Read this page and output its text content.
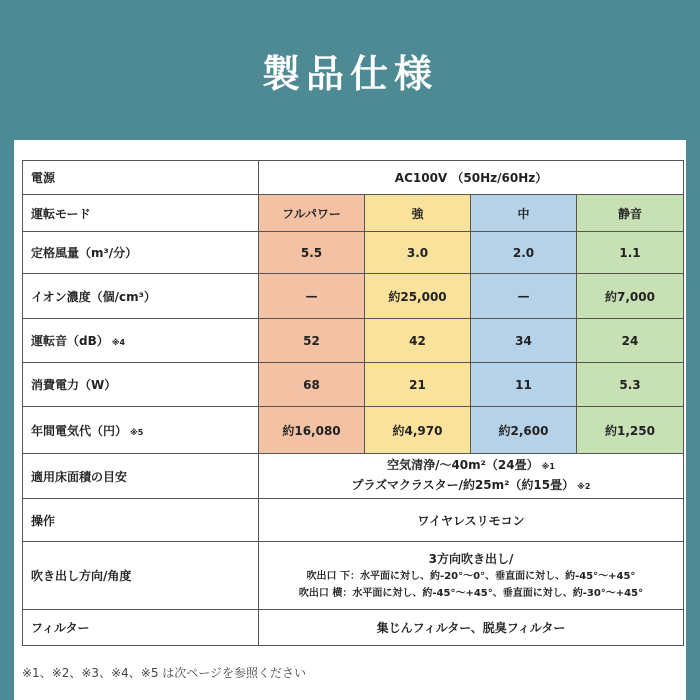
製品仕様
電源	AC100V （50Hz/60Hz）			
運転モード	フルパワー	強	中	静音
定格風量（m³/分）	5.5	3.0	2.0	1.1
イオン濃度（個/cm³）	—	約25,000	—	約7,000
運転音（dB） ※4	52	42	34	24
消費電力（W）	68	21	11	5.3
年間電気代（円） ※5	約16,080	約4,970	約2,600	約1,250
適用床面積の目安	空気清浄/〜40m²（24畳） ※1
プラズマクラスター/約25m²（約15畳） ※2			

操作	ワイヤレスリモコン			
吹き出し方向/角度	3方向吹き出し/
吹出口 下：水平面に対し、約-20°〜0°、垂直面に対し、約-45°〜+45°
吹出口 横：水平面に対し、約-45°〜+45°、垂直面に対し、約-30°〜+45°			

フィルター	集じんフィルター、脱臭フィルター			
※1、※2、※3、※4、※5 は次ページを参照ください
